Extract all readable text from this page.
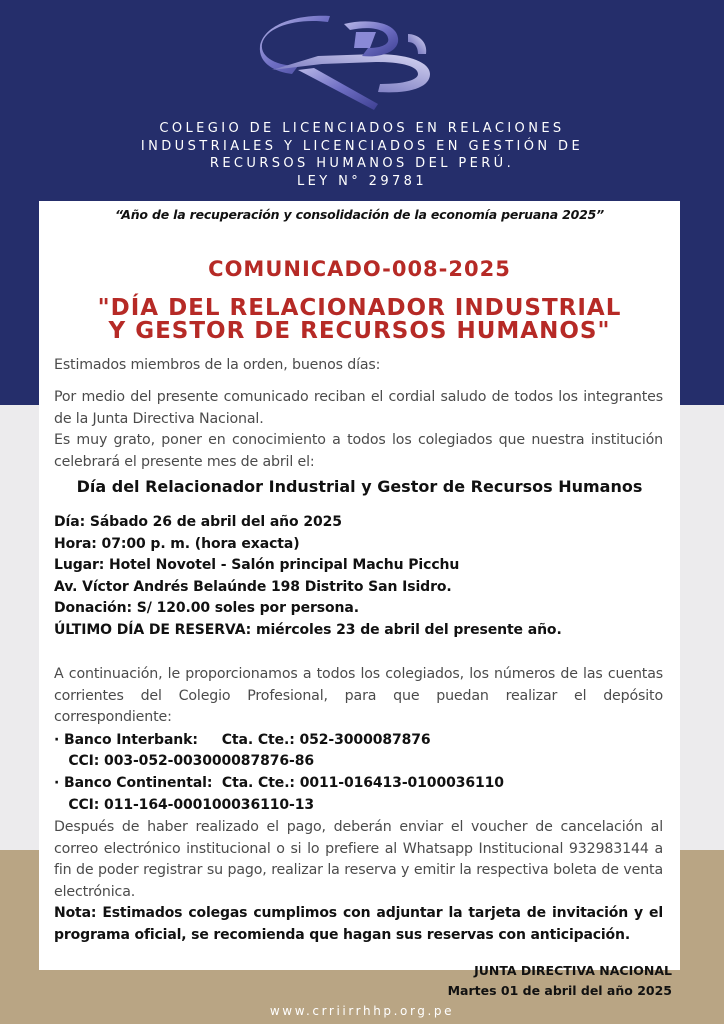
COLEGIO DE LICENCIADOS EN RELACIONES
INDUSTRIALES Y LICENCIADOS EN GESTIÓN DE
RECURSOS HUMANOS DEL PERÚ.
LEY N° 29781
“Año de la recuperación y consolidación de la economía peruana 2025”
COMUNICADO-008-2025
"DÍA DEL RELACIONADOR INDUSTRIAL
Y GESTOR DE RECURSOS HUMANOS"
Estimados miembros de la orden, buenos días:
Por medio del presente comunicado reciban el cordial saludo de todos los integrantes de la Junta Directiva Nacional.
Es muy grato, poner en conocimiento a todos los colegiados que nuestra institución celebrará el presente mes de abril el:
Día del Relacionador Industrial y Gestor de Recursos Humanos
Día: Sábado 26 de abril del año 2025
Hora: 07:00 p. m. (hora exacta)
Lugar: Hotel Novotel - Salón principal Machu Picchu
Av. Víctor Andrés Belaúnde 198 Distrito San Isidro.
Donación: S/ 120.00 soles por persona.
ÚLTIMO DÍA DE RESERVA: miércoles 23 de abril del presente año.
A continuación, le proporcionamos a todos los colegiados, los números de las cuentas corrientes del Colegio Profesional, para que puedan realizar el depósito correspondiente:
· Banco Interbank:     Cta. Cte.: 052-3000087876
CCI: 003-052-003000087876-86
· Banco Continental:  Cta. Cte.: 0011-016413-0100036110
CCI: 011-164-000100036110-13
Después de haber realizado el pago, deberán enviar el voucher de cancelación al correo electrónico institucional o si lo prefiere al Whatsapp Institucional 932983144 a fin de poder registrar su pago, realizar la reserva y emitir la respectiva boleta de venta electrónica.
Nota: Estimados colegas cumplimos con adjuntar la tarjeta de invitación y el programa oficial, se recomienda que hagan sus reservas con anticipación.
JUNTA DIRECTIVA NACIONAL
Martes 01 de abril del año 2025
www.crriirrhhp.org.pe
